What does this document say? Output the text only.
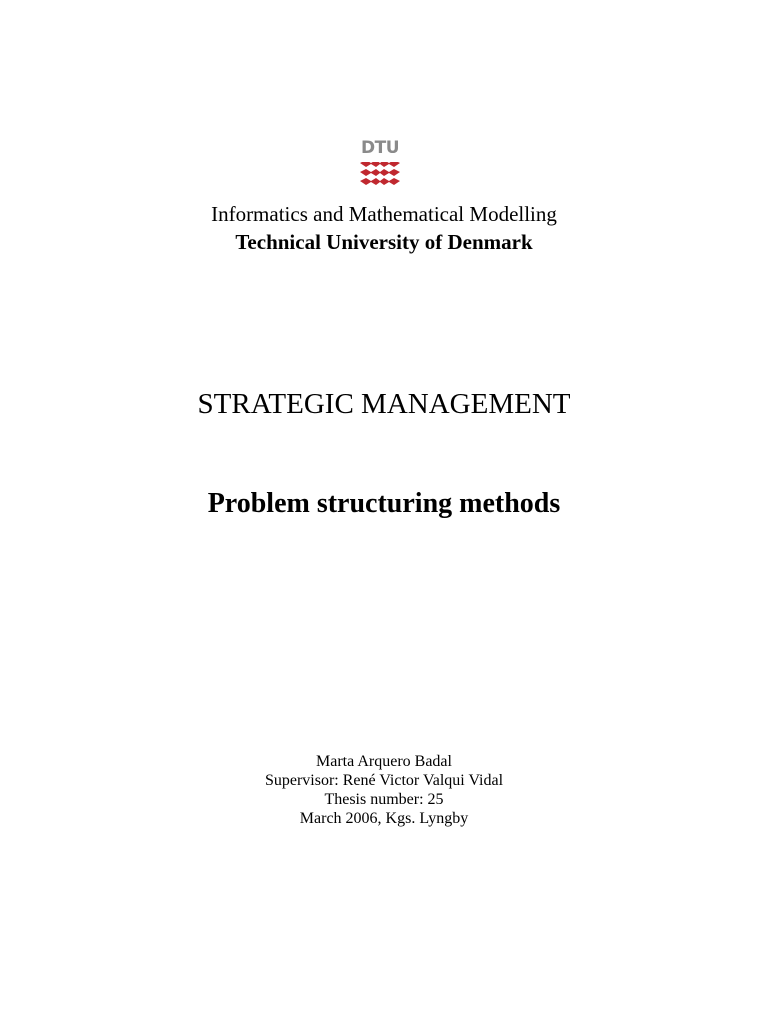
DTU
Informatics and Mathematical Modelling
Technical University of Denmark
STRATEGIC MANAGEMENT
Problem structuring methods
Marta Arquero Badal
Supervisor: René Victor Valqui Vidal
Thesis number: 25
March 2006, Kgs. Lyngby
